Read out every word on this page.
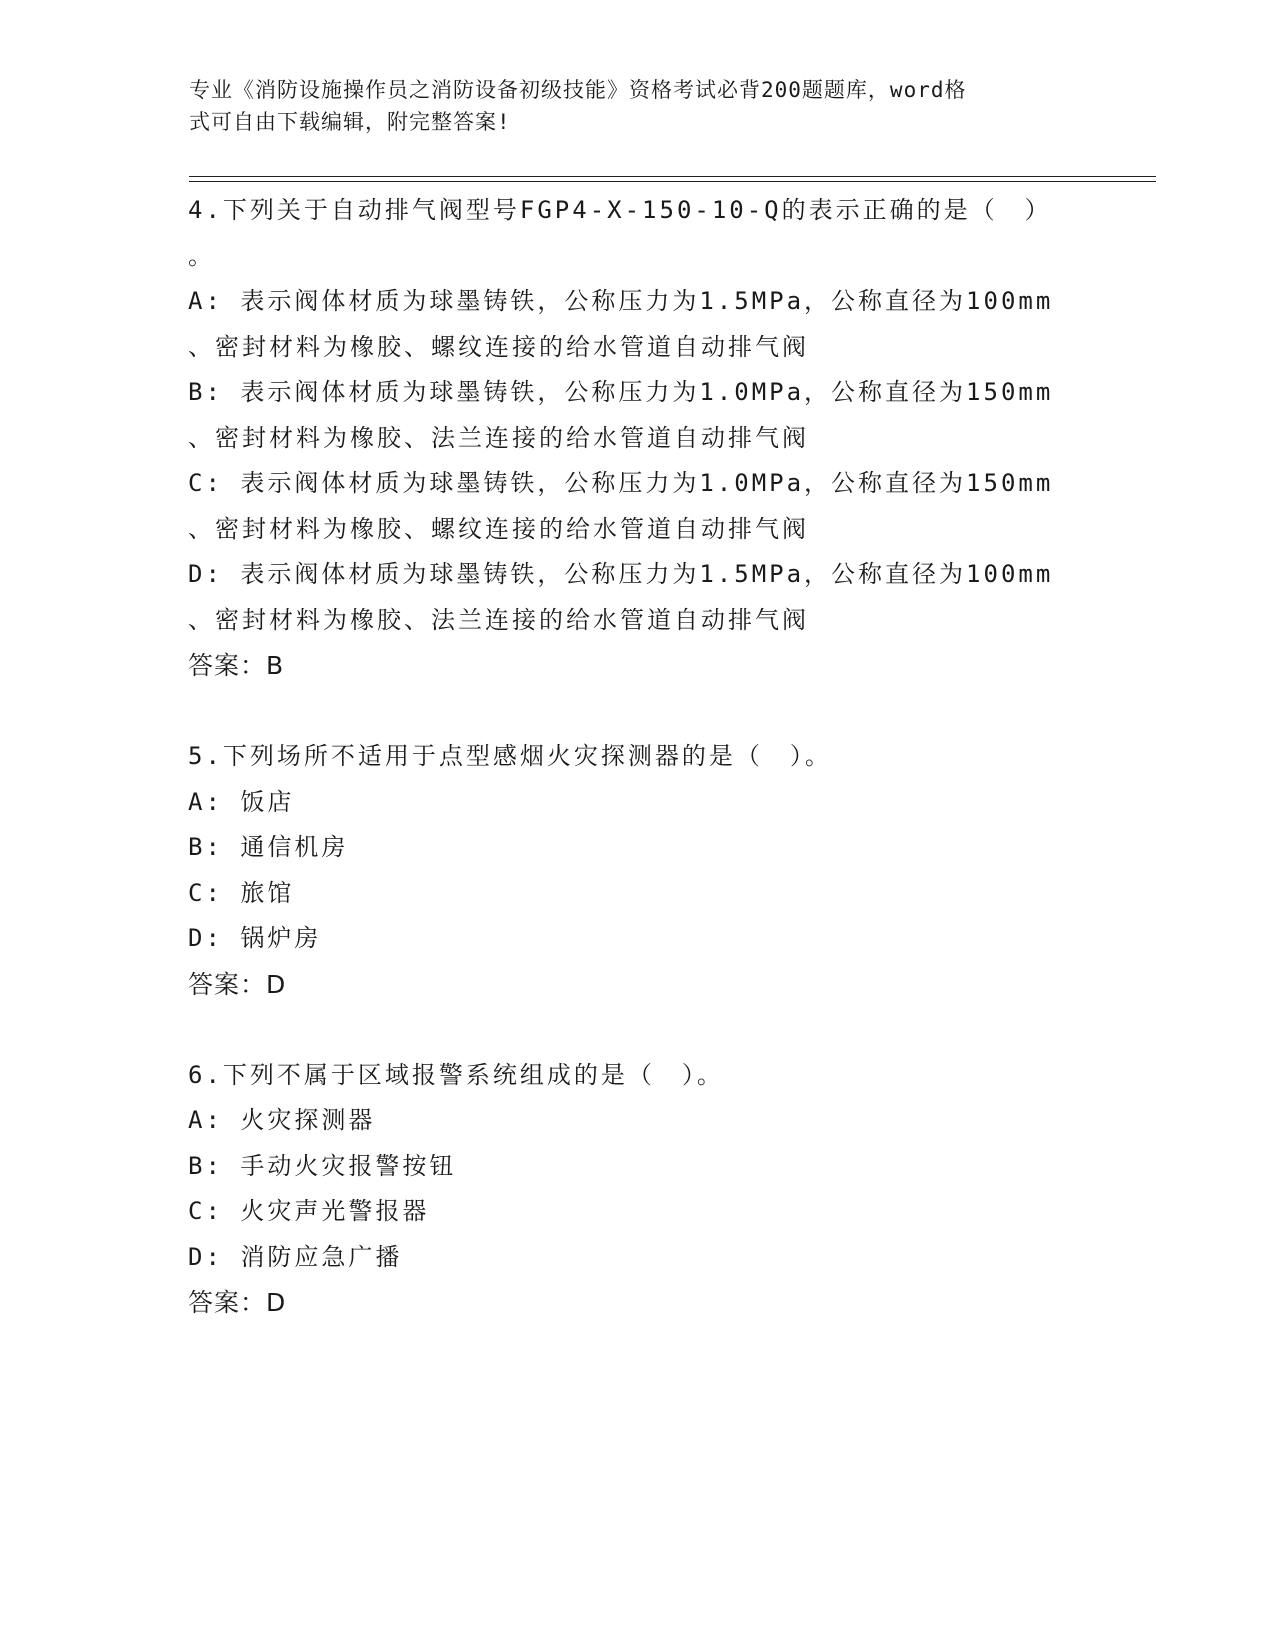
专业《消防设施操作员之消防设备初级技能》资格考试必背200题题库，word格
式可自由下载编辑，附完整答案!
4.下列关于自动排气阀型号FGP4-X-150-10-Q的表示正确的是（　）
。
A: 表示阀体材质为球墨铸铁，公称压力为1.5MPa，公称直径为100mm
、密封材料为橡胶、螺纹连接的给水管道自动排气阀
B: 表示阀体材质为球墨铸铁，公称压力为1.0MPa，公称直径为150mm
、密封材料为橡胶、法兰连接的给水管道自动排气阀
C: 表示阀体材质为球墨铸铁，公称压力为1.0MPa，公称直径为150mm
、密封材料为橡胶、螺纹连接的给水管道自动排气阀
D: 表示阀体材质为球墨铸铁，公称压力为1.5MPa，公称直径为100mm
、密封材料为橡胶、法兰连接的给水管道自动排气阀
答案：B
5.下列场所不适用于点型感烟火灾探测器的是（　）。
A: 饭店
B: 通信机房
C: 旅馆
D: 锅炉房
答案：D
6.下列不属于区域报警系统组成的是（　）。
A: 火灾探测器
B: 手动火灾报警按钮
C: 火灾声光警报器
D: 消防应急广播
答案：D
